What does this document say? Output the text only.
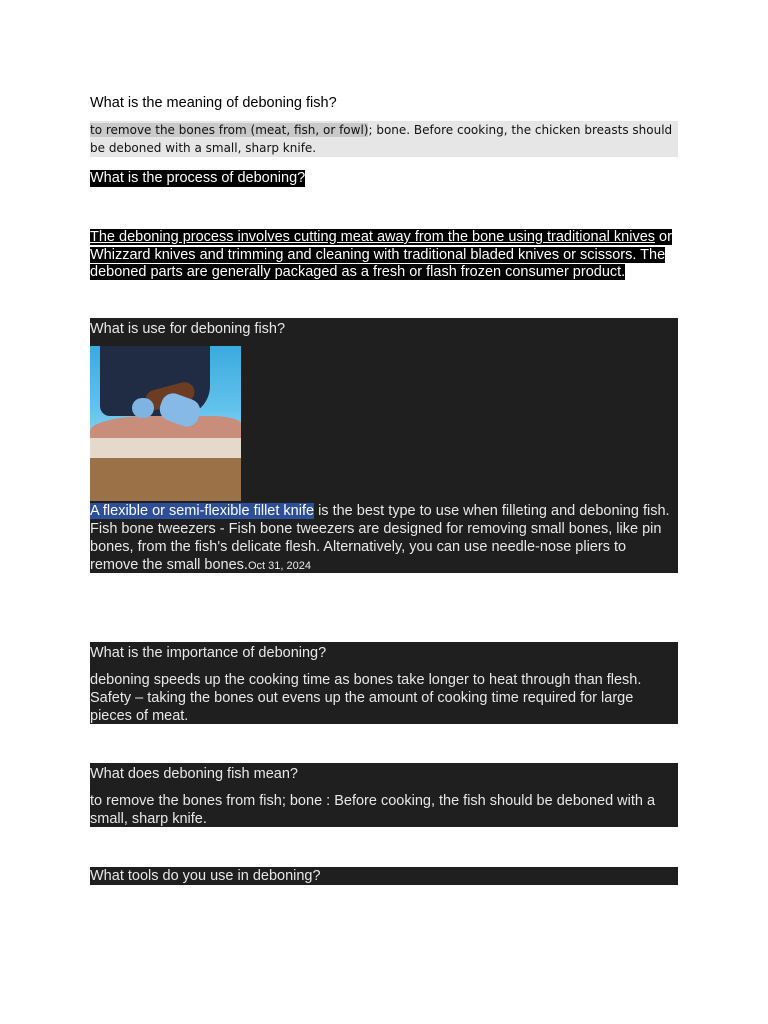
What is the meaning of deboning fish?
to remove the bones from (meat, fish, or fowl); bone. Before cooking, the chicken breasts should be deboned with a small, sharp knife.
What is the process of deboning?
The deboning process involves cutting meat away from the bone using traditional knives or Whizzard knives and trimming and cleaning with traditional bladed knives or scissors. The deboned parts are generally packaged as a fresh or flash frozen consumer product.
What is use for deboning fish?
A flexible or semi-flexible fillet knife is the best type to use when filleting and deboning fish. Fish bone tweezers - Fish bone tweezers are designed for removing small bones, like pin bones, from the fish's delicate flesh. Alternatively, you can use needle-nose pliers to remove the small bones.Oct 31, 2024
What is the importance of deboning?
deboning speeds up the cooking time as bones take longer to heat through than flesh. Safety – taking the bones out evens up the amount of cooking time required for large pieces of meat.
What does deboning fish mean?
to remove the bones from fish; bone : Before cooking, the fish should be deboned with a small, sharp knife.
What tools do you use in deboning?
